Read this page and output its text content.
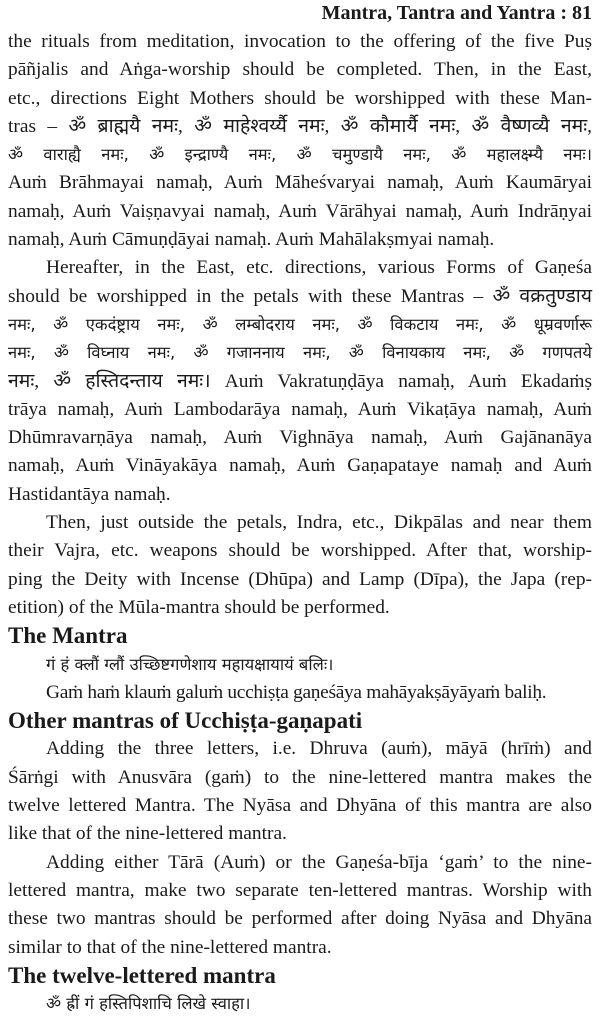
Mantra, Tantra and Yantra : 81
the rituals from meditation, invocation to the offering of the five Puṣ
pāñjalis and Aṅga-worship should be completed. Then, in the East,
etc., directions Eight Mothers should be worshipped with these Man-
tras – ॐ ब्राह्मयै नमः, ॐ माहेश्वर्य्यै नमः, ॐ कौमार्यै नमः, ॐ वैष्णव्यै नमः,
ॐ वाराह्यै नमः, ॐ इन्द्राण्यै नमः, ॐ चमुण्डायै नमः, ॐ महालक्ष्म्यै नमः।
Auṁ Brāhmayai namaḥ, Auṁ Māheśvaryai namaḥ, Auṁ Kaumāryai
namaḥ, Auṁ Vaiṣṇavyai namaḥ, Auṁ Vārāhyai namaḥ, Auṁ Indrāṇyai
namaḥ, Auṁ Cāmuṇḍāyai namaḥ. Auṁ Mahālakṣmyai namaḥ.
Hereafter, in the East, etc. directions, various Forms of Gaṇeśa
should be worshipped in the petals with these Mantras – ॐ वक्रतुण्डाय
नमः, ॐ एकदंष्ट्राय नमः, ॐ लम्बोदराय नमः, ॐ विकटाय नमः, ॐ धूम्रवर्णारू
नमः, ॐ विघ्नाय नमः, ॐ गजाननाय नमः, ॐ विनायकाय नमः, ॐ गणपतये
नमः, ॐ हस्तिदन्ताय नमः। Auṁ Vakratuṇḍāya namaḥ, Auṁ Ekadaṁṣ
trāya namaḥ, Auṁ Lambodarāya namaḥ, Auṁ Vikaṭāya namaḥ, Auṁ
Dhūmravarṇāya namaḥ, Auṁ Vighnāya namaḥ, Auṁ Gajānanāya
namaḥ, Auṁ Vināyakāya namaḥ, Auṁ Gaṇapataye namaḥ and Auṁ
Hastidantāya namaḥ.
Then, just outside the petals, Indra, etc., Dikpālas and near them
their Vajra, etc. weapons should be worshipped. After that, worship-
ping the Deity with Incense (Dhūpa) and Lamp (Dīpa), the Japa (rep-
etition) of the Mūla-mantra should be performed.
The Mantra
गं हं क्लौं ग्लौं उच्छिष्टगणेशाय महायक्षायायं बलिः।
Gaṁ haṁ klauṁ galuṁ ucchiṣṭa gaṇeśāya mahāyakṣāyāyaṁ baliḥ.
Other mantras of Ucchiṣṭa-gaṇapati
Adding the three letters, i.e. Dhruva (auṁ), māyā (hrīṁ) and
Śārṅgi with Anusvāra (gaṁ) to the nine-lettered mantra makes the
twelve lettered Mantra. The Nyāsa and Dhyāna of this mantra are also
like that of the nine-lettered mantra.
Adding either Tārā (Auṁ) or the Gaṇeśa-bīja ‘gaṁ’ to the nine-
lettered mantra, make two separate ten-lettered mantras. Worship with
these two mantras should be performed after doing Nyāsa and Dhyāna
similar to that of the nine-lettered mantra.
The twelve-lettered mantra
ॐ ह्रीं गं हस्तिपिशाचि लिखे स्वाहा।
